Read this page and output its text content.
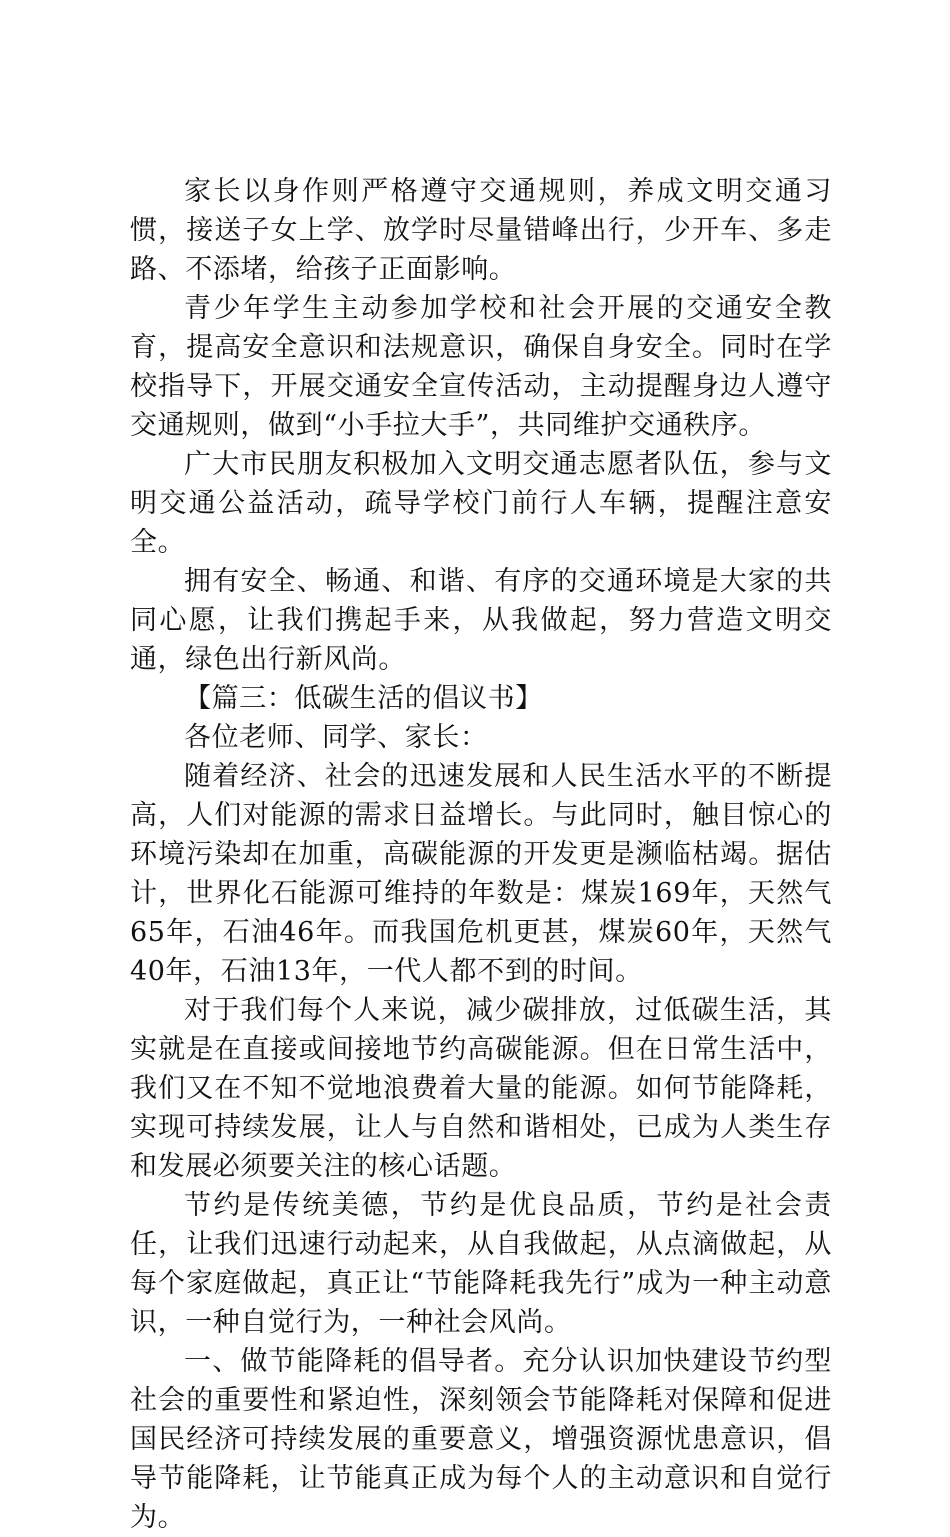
家长以身作则严格遵守交通规则，养成文明交通习惯，接送子女上学、放学时尽量错峰出行，少开车、多走路、不添堵，给孩子正面影响。

青少年学生主动参加学校和社会开展的交通安全教育，提高安全意识和法规意识，确保自身安全。同时在学校指导下，开展交通安全宣传活动，主动提醒身边人遵守交通规则，做到“小手拉大手”，共同维护交通秩序。

广大市民朋友积极加入文明交通志愿者队伍，参与文明交通公益活动，疏导学校门前行人车辆，提醒注意安全。

拥有安全、畅通、和谐、有序的交通环境是大家的共同心愿，让我们携起手来，从我做起，努力营造文明交通，绿色出行新风尚。

【篇三：低碳生活的倡议书】

各位老师、同学、家长：

随着经济、社会的迅速发展和人民生活水平的不断提高，人们对能源的需求日益增长。与此同时，触目惊心的环境污染却在加重，高碳能源的开发更是濒临枯竭。据估计，世界化石能源可维持的年数是：煤炭169年，天然气65年，石油46年。而我国危机更甚，煤炭60年，天然气40年，石油13年，一代人都不到的时间。

对于我们每个人来说，减少碳排放，过低碳生活，其实就是在直接或间接地节约高碳能源。但在日常生活中，我们又在不知不觉地浪费着大量的能源。如何节能降耗，实现可持续发展，让人与自然和谐相处，已成为人类生存和发展必须要关注的核心话题。

节约是传统美德，节约是优良品质，节约是社会责任，让我们迅速行动起来，从自我做起，从点滴做起，从每个家庭做起，真正让“节能降耗我先行”成为一种主动意识，一种自觉行为，一种社会风尚。

一、做节能降耗的倡导者。充分认识加快建设节约型社会的重要性和紧迫性，深刻领会节能降耗对保障和促进国民经济可持续发展的重要意义，增强资源忧患意识，倡导节能降耗，让节能真正成为每个人的主动意识和自觉行为。
